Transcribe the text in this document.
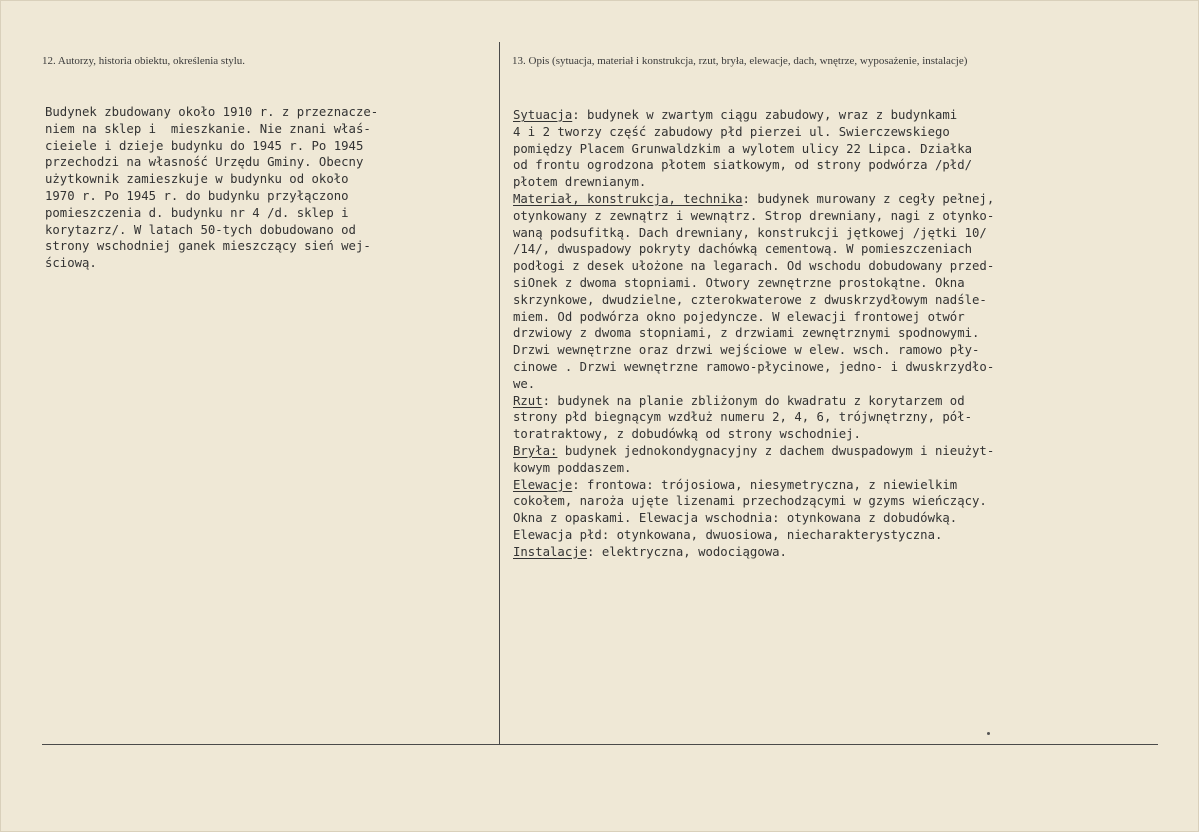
12. Autorzy, historia obiektu, określenia stylu.	13. Opis (sytuacja, materiał i konstrukcja, rzut, bryła, elewacje, dach, wnętrze, wyposażenie, instalacje)
Budynek zbudowany około 1910 r. z przeznacze-
niem na sklep i  mieszkanie. Nie znani właś-
cieiele i dzieje budynku do 1945 r. Po 1945
przechodzi na własność Urzędu Gminy. Obecny
użytkownik zamieszkuje w budynku od około
1970 r. Po 1945 r. do budynku przyłączono
pomieszczenia d. budynku nr 4 /d. sklep i
korytazrz/. W latach 50-tych dobudowano od
strony wschodniej ganek mieszczący sień wej-
ściową.
Sytuacja: budynek w zwartym ciągu zabudowy, wraz z budynkami
4 i 2 tworzy część zabudowy płd pierzei ul. Swierczewskiego
pomiędzy Placem Grunwaldzkim a wylotem ulicy 22 Lipca. Działka
od frontu ogrodzona płotem siatkowym, od strony podwórza /płd/
płotem drewnianym.
Materiał, konstrukcja, technika: budynek murowany z cegły pełnej,
otynkowany z zewnątrz i wewnątrz. Strop drewniany, nagi z otynko-
waną podsufitką. Dach drewniany, konstrukcji jętkowej /jętki 10/
/14/, dwuspadowy pokryty dachówką cementową. W pomieszczeniach
podłogi z desek ułożone na legarach. Od wschodu dobudowany przed-
siOnek z dwoma stopniami. Otwory zewnętrzne prostokątne. Okna
skrzynkowe, dwudzielne, czterokwaterowe z dwuskrzydłowym nadśle-
miem. Od podwórza okno pojedyncze. W elewacji frontowej otwór
drzwiowy z dwoma stopniami, z drzwiami zewnętrznymi spodnowymi.
Drzwi wewnętrzne oraz drzwi wejściowe w elew. wsch. ramowo pły-
cinowe . Drzwi wewnętrzne ramowo-płycinowe, jedno- i dwuskrzydło-
we.
Rzut: budynek na planie zbliżonym do kwadratu z korytarzem od
strony płd biegnącym wzdłuż numeru 2, 4, 6, trójwnętrzny, pół-
toratraktowy, z dobudówką od strony wschodniej.
Bryła: budynek jednokondygnacyjny z dachem dwuspadowym i nieużyt-
kowym poddaszem.
Elewacje: frontowa: trójosiowa, niesymetryczna, z niewielkim
cokołem, naroża ujęte lizenami przechodzącymi w gzyms wieńczący.
Okna z opaskami. Elewacja wschodnia: otynkowana z dobudówką.
Elewacja płd: otynkowana, dwuosiowa, niecharakterystyczna.
Instalacje: elektryczna, wodociągowa.
